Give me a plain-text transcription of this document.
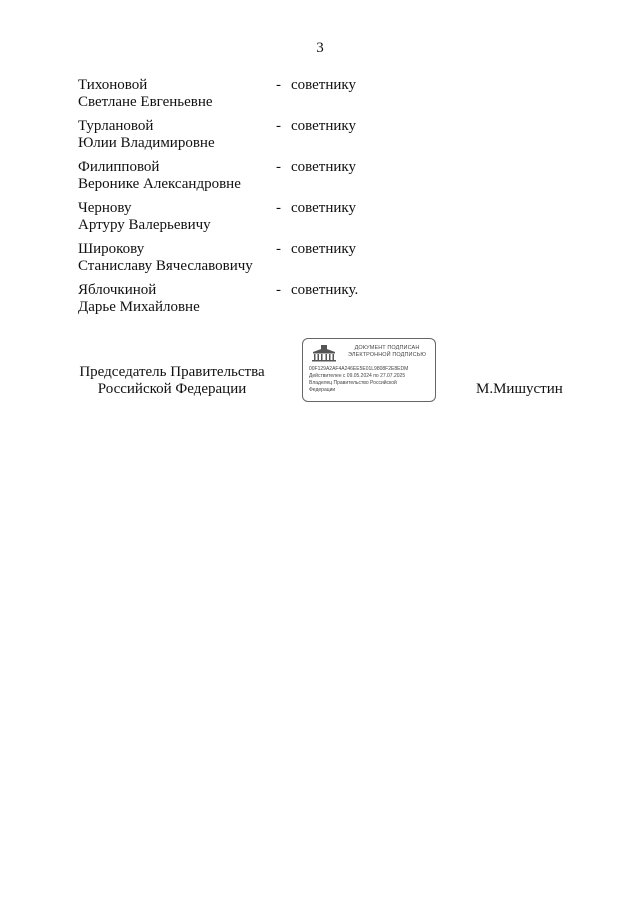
3
Тихоновой
Светлане Евгеньевне
- советнику
Турлановой
Юлии Владимировне
- советнику
Филипповой
Веронике Александровне
- советнику
Чернову
Артуру Валерьевичу
- советнику
Широкову
Станиславу Вячеславовичу
- советнику
Яблочкиной
Дарье Михайловне
- советнику.
Председатель Правительства
Российской Федерации
ДОКУМЕНТ ПОДПИСАН
ЭЛЕКТРОННОЙ ПОДПИСЬЮ
00F129A2AF4A246EE5E01L9808F2E8EDM
Действителен с 09.05.2024 по 27.07.2025
Владелец Правительство Российской
Федерации	М.Мишустин
